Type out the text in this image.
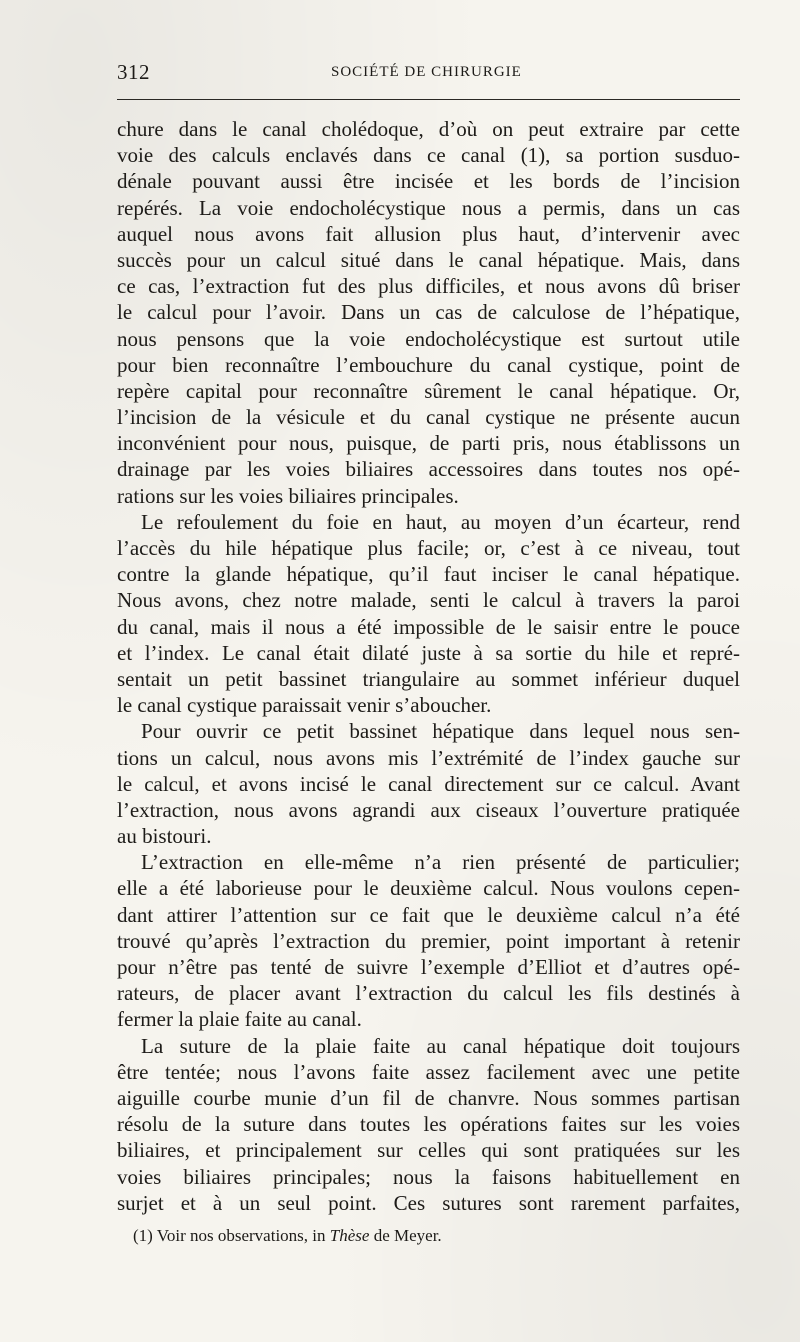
312	SOCIÉTÉ DE CHIRURGIE
chure dans le canal cholédoque, d’où on peut extraire par cette
voie des calculs enclavés dans ce canal (1), sa portion susduo-
dénale pouvant aussi être incisée et les bords de l’incision
repérés. La voie endocholécystique nous a permis, dans un cas
auquel nous avons fait allusion plus haut, d’intervenir avec
succès pour un calcul situé dans le canal hépatique. Mais, dans
ce cas, l’extraction fut des plus difficiles, et nous avons dû briser
le calcul pour l’avoir. Dans un cas de calculose de l’hépatique,
nous pensons que la voie endocholécystique est surtout utile
pour bien reconnaître l’embouchure du canal cystique, point de
repère capital pour reconnaître sûrement le canal hépatique. Or,
l’incision de la vésicule et du canal cystique ne présente aucun
inconvénient pour nous, puisque, de parti pris, nous établissons un
drainage par les voies biliaires accessoires dans toutes nos opé-
rations sur les voies biliaires principales.
Le refoulement du foie en haut, au moyen d’un écarteur, rend
l’accès du hile hépatique plus facile; or, c’est à ce niveau, tout
contre la glande hépatique, qu’il faut inciser le canal hépatique.
Nous avons, chez notre malade, senti le calcul à travers la paroi
du canal, mais il nous a été impossible de le saisir entre le pouce
et l’index. Le canal était dilaté juste à sa sortie du hile et repré-
sentait un petit bassinet triangulaire au sommet inférieur duquel
le canal cystique paraissait venir s’aboucher.
Pour ouvrir ce petit bassinet hépatique dans lequel nous sen-
tions un calcul, nous avons mis l’extrémité de l’index gauche sur
le calcul, et avons incisé le canal directement sur ce calcul. Avant
l’extraction, nous avons agrandi aux ciseaux l’ouverture pratiquée
au bistouri.
L’extraction en elle-même n’a rien présenté de particulier;
elle a été laborieuse pour le deuxième calcul. Nous voulons cepen-
dant attirer l’attention sur ce fait que le deuxième calcul n’a été
trouvé qu’après l’extraction du premier, point important à retenir
pour n’être pas tenté de suivre l’exemple d’Elliot et d’autres opé-
rateurs, de placer avant l’extraction du calcul les fils destinés à
fermer la plaie faite au canal.
La suture de la plaie faite au canal hépatique doit toujours
être tentée; nous l’avons faite assez facilement avec une petite
aiguille courbe munie d’un fil de chanvre. Nous sommes partisan
résolu de la suture dans toutes les opérations faites sur les voies
biliaires, et principalement sur celles qui sont pratiquées sur les
voies biliaires principales; nous la faisons habituellement en
surjet et à un seul point. Ces sutures sont rarement parfaites,
(1) Voir nos observations, in Thèse de Meyer.
